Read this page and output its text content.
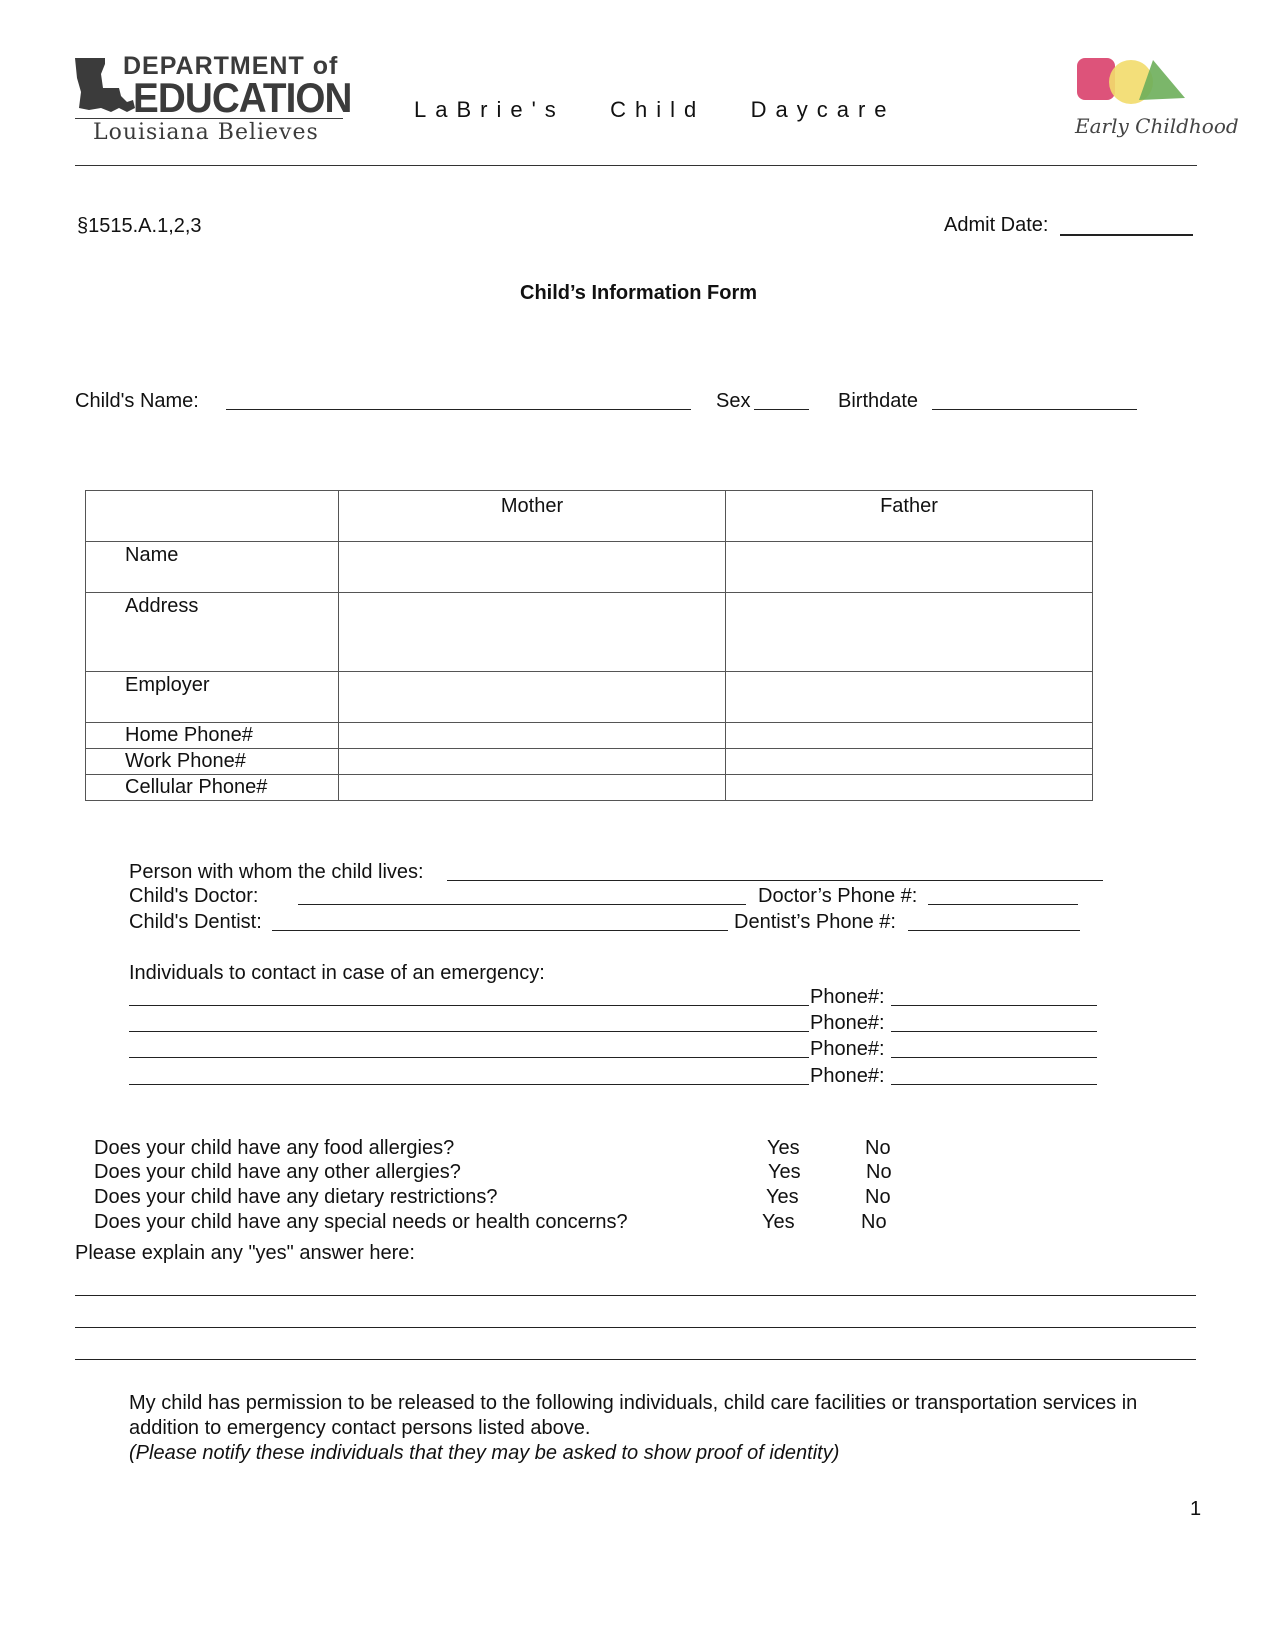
DEPARTMENT of
EDUCATION
Louisiana Believes
LaBrie's   Child   Daycare
Early Childhood
§1515.A.1,2,3	Admit Date:
Child’s Information Form
Child's Name:	Sex	Birthdate
	Mother	Father
Name		
Address		
Employer		
Home Phone#		
Work Phone#		
Cellular Phone#		
Person with whom the child lives:
Child's Doctor:	Doctor’s Phone #:
Child's Dentist:	Dentist’s Phone #:
Individuals to contact in case of an emergency:
Phone#:
Phone#:
Phone#:
Phone#:
Does your child have any food allergies?	Yes	No
Does your child have any other allergies?	Yes	No
Does your child have any dietary restrictions?	Yes	No
Does your child have any special needs or health concerns?	Yes	No
Please explain any "yes" answer here:
My child has permission to be released to the following individuals, child care facilities or transportation services in
addition to emergency contact persons listed above.
(Please notify these individuals that they may be asked to show proof of identity)
1
